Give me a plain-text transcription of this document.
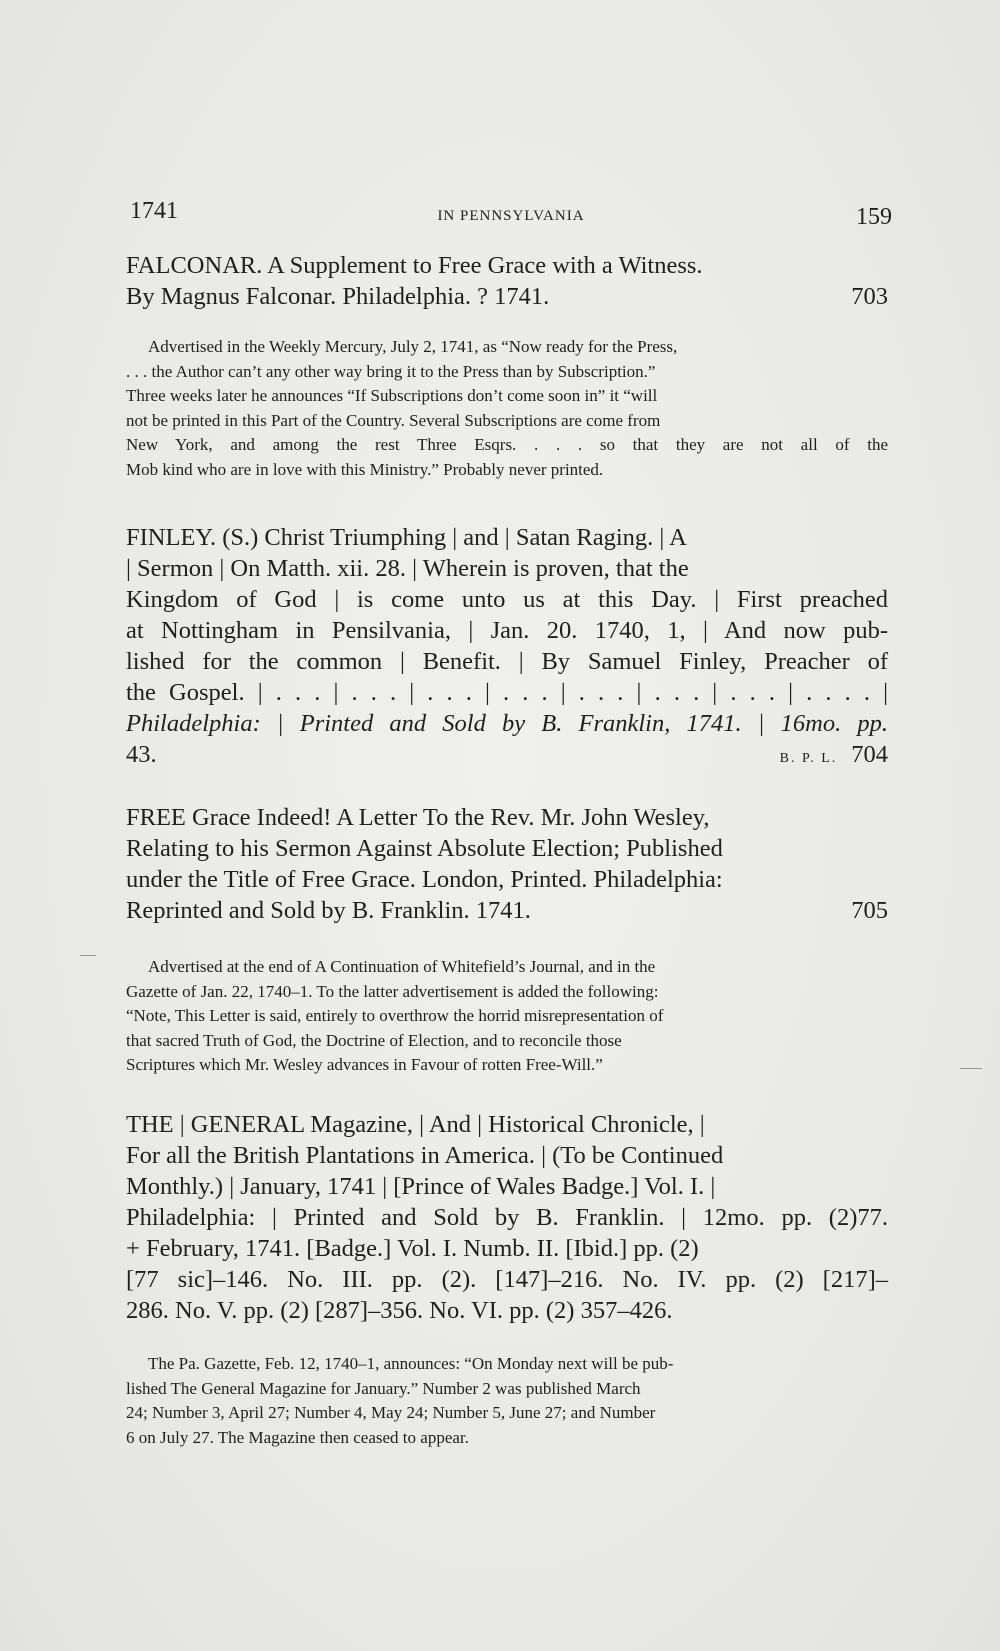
1741	IN PENNSYLVANIA	159
FALCONAR. A Supplement to Free Grace with a Witness.
By Magnus Falconar. Philadelphia. ? 1741.	703
Advertised in the Weekly Mercury, July 2, 1741, as “Now ready for the Press,
. . . the Author can’t any other way bring it to the Press than by Subscription.”
Three weeks later he announces “If Subscriptions don’t come soon in” it “will
not be printed in this Part of the Country. Several Subscriptions are come from
New York, and among the rest Three Esqrs. . . . so that they are not all of the
Mob kind who are in love with this Ministry.” Probably never printed.
FINLEY. (S.) Christ Triumphing | and | Satan Raging. | A
| Sermon | On Matth. xii. 28. | Wherein is proven, that the
Kingdom of God | is come unto us at this Day. | First preached
at Nottingham in Pensilvania, | Jan. 20. 1740, 1, | And now pub-
lished for the common | Benefit. | By Samuel Finley, Preacher of
the Gospel. | . . . | . . . | . . . | . . . | . . . | . . . | . . . | . . . . |
Philadelphia: | Printed and Sold by B. Franklin, 1741. | 16mo. pp.
43.	B. P. L. 704
FREE Grace Indeed! A Letter To the Rev. Mr. John Wesley,
Relating to his Sermon Against Absolute Election; Published
under the Title of Free Grace. London, Printed. Philadelphia:
Reprinted and Sold by B. Franklin. 1741.	705
Advertised at the end of A Continuation of Whitefield’s Journal, and in the
Gazette of Jan. 22, 1740–1. To the latter advertisement is added the following:
“Note, This Letter is said, entirely to overthrow the horrid misrepresentation of
that sacred Truth of God, the Doctrine of Election, and to reconcile those
Scriptures which Mr. Wesley advances in Favour of rotten Free-Will.”
THE | GENERAL Magazine, | And | Historical Chronicle, |
For all the British Plantations in America. | (To be Continued
Monthly.) | January, 1741 | [Prince of Wales Badge.] Vol. I. |
Philadelphia: | Printed and Sold by B. Franklin. | 12mo. pp. (2)77.
+ February, 1741. [Badge.] Vol. I. Numb. II. [Ibid.] pp. (2)
[77 sic]–146. No. III. pp. (2). [147]–216. No. IV. pp. (2) [217]–
286. No. V. pp. (2) [287]–356. No. VI. pp. (2) 357–426.
The Pa. Gazette, Feb. 12, 1740–1, announces: “On Monday next will be pub-
lished The General Magazine for January.” Number 2 was published March
24; Number 3, April 27; Number 4, May 24; Number 5, June 27; and Number
6 on July 27. The Magazine then ceased to appear.
